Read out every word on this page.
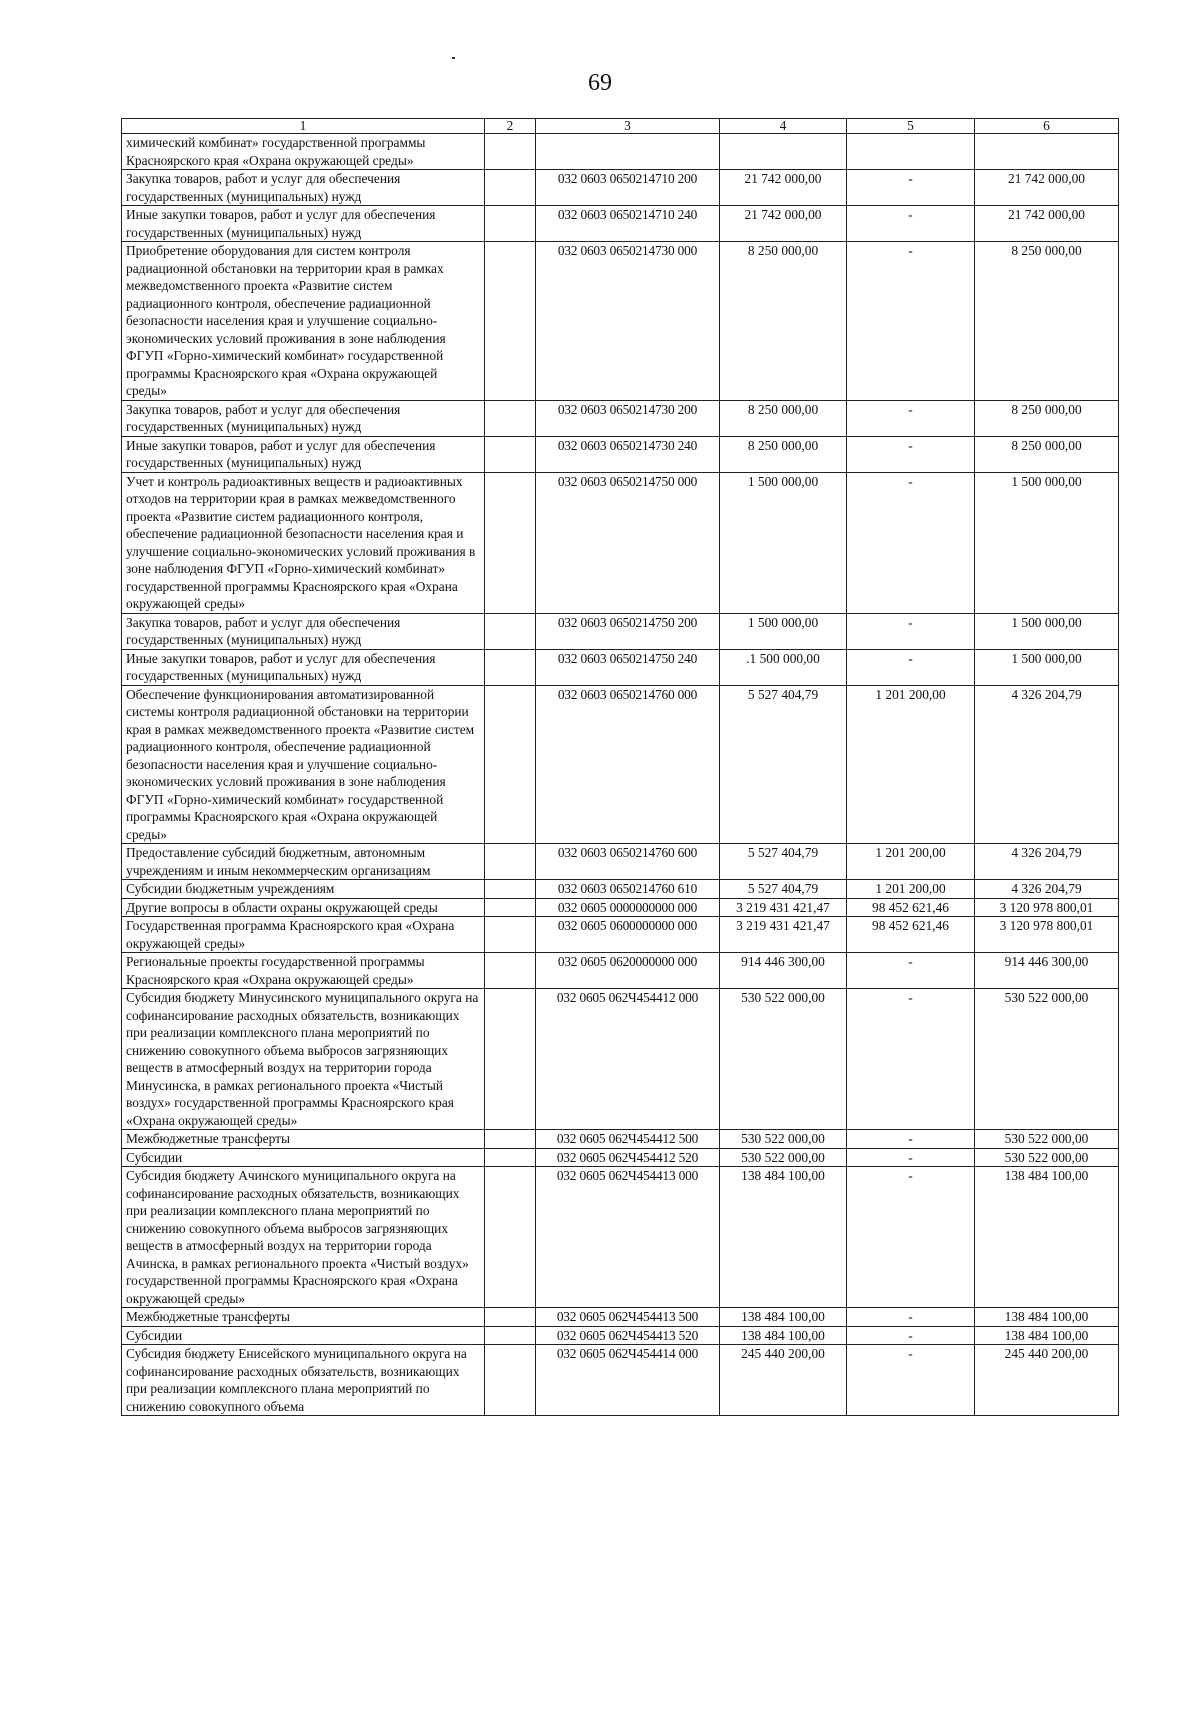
69
1	2	3	4	5	6
химический комбинат» государственной программы Красноярского края «Охрана окружающей среды»					
Закупка товаров, работ и услуг для обеспечения государственных (муниципальных) нужд		032 0603 0650214710 200	21 742 000,00	-	21 742 000,00
Иные закупки товаров, работ и услуг для обеспечения государственных (муниципальных) нужд		032 0603 0650214710 240	21 742 000,00	-	21 742 000,00
Приобретение оборудования для систем контроля радиационной обстановки на территории края в рамках межведомственного проекта «Развитие систем радиационного контроля, обеспечение радиационной безопасности населения края и улучшение социально-экономических условий проживания в зоне наблюдения ФГУП «Горно-химический комбинат» государственной программы Красноярского края «Охрана окружающей среды»		032 0603 0650214730 000	8 250 000,00	-	8 250 000,00
Закупка товаров, работ и услуг для обеспечения государственных (муниципальных) нужд		032 0603 0650214730 200	8 250 000,00	-	8 250 000,00
Иные закупки товаров, работ и услуг для обеспечения государственных (муниципальных) нужд		032 0603 0650214730 240	8 250 000,00	-	8 250 000,00
Учет и контроль радиоактивных веществ и радиоактивных отходов на территории края в рамках межведомственного проекта «Развитие систем радиационного контроля, обеспечение радиационной безопасности населения края и улучшение социально-экономических условий проживания в зоне наблюдения ФГУП «Горно-химический комбинат» государственной программы Красноярского края «Охрана окружающей среды»		032 0603 0650214750 000	1 500 000,00	-	1 500 000,00
Закупка товаров, работ и услуг для обеспечения государственных (муниципальных) нужд		032 0603 0650214750 200	1 500 000,00	-	1 500 000,00
Иные закупки товаров, работ и услуг для обеспечения государственных (муниципальных) нужд		032 0603 0650214750 240	.1 500 000,00	-	1 500 000,00
Обеспечение функционирования автоматизированной системы контроля радиационной обстановки на территории края в рамках межведомственного проекта «Развитие систем радиационного контроля, обеспечение радиационной безопасности населения края и улучшение социально-экономических условий проживания в зоне наблюдения ФГУП «Горно-химический комбинат» государственной программы Красноярского края «Охрана окружающей среды»		032 0603 0650214760 000	5 527 404,79	1 201 200,00	4 326 204,79
Предоставление субсидий бюджетным, автономным учреждениям и иным некоммерческим организациям		032 0603 0650214760 600	5 527 404,79	1 201 200,00	4 326 204,79
Субсидии бюджетным учреждениям		032 0603 0650214760 610	5 527 404,79	1 201 200,00	4 326 204,79
Другие вопросы в области охраны окружающей среды		032 0605 0000000000 000	3 219 431 421,47	98 452 621,46	3 120 978 800,01
Государственная программа Красноярского края «Охрана окружающей среды»		032 0605 0600000000 000	3 219 431 421,47	98 452 621,46	3 120 978 800,01
Региональные проекты государственной программы Красноярского края «Охрана окружающей среды»		032 0605 0620000000 000	914 446 300,00	-	914 446 300,00
Субсидия бюджету Минусинского муниципального округа на софинансирование расходных обязательств, возникающих при реализации комплексного плана мероприятий по снижению совокупного объема выбросов загрязняющих веществ в атмосферный воздух на территории города Минусинска, в рамках регионального проекта «Чистый воздух» государственной программы Красноярского края «Охрана окружающей среды»		032 0605 062Ч454412 000	530 522 000,00	-	530 522 000,00
Межбюджетные трансферты		032 0605 062Ч454412 500	530 522 000,00	-	530 522 000,00
Субсидии		032 0605 062Ч454412 520	530 522 000,00	-	530 522 000,00
Субсидия бюджету Ачинского муниципального округа на софинансирование расходных обязательств, возникающих при реализации комплексного плана мероприятий по снижению совокупного объема выбросов загрязняющих веществ в атмосферный воздух на территории города Ачинска, в рамках регионального проекта «Чистый воздух» государственной программы Красноярского края «Охрана окружающей среды»		032 0605 062Ч454413 000	138 484 100,00	-	138 484 100,00
Межбюджетные трансферты		032 0605 062Ч454413 500	138 484 100,00	-	138 484 100,00
Субсидии		032 0605 062Ч454413 520	138 484 100,00	-	138 484 100,00
Субсидия бюджету Енисейского муниципального округа на софинансирование расходных обязательств, возникающих при реализации комплексного плана мероприятий по снижению совокупного объема		032 0605 062Ч454414 000	245 440 200,00	-	245 440 200,00
